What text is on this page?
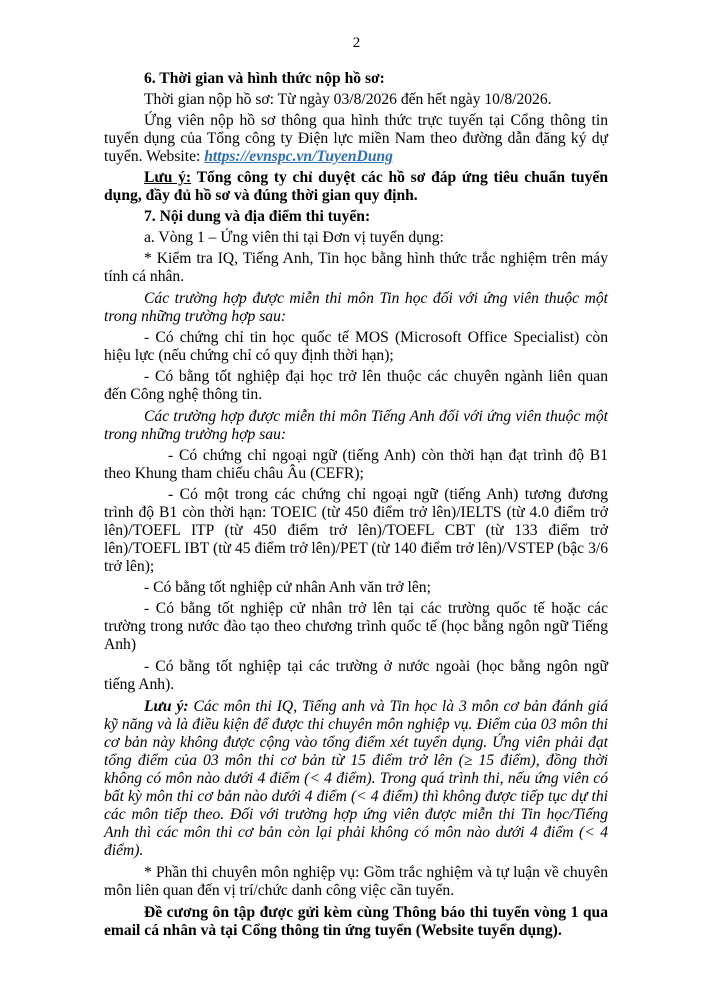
2

6. Thời gian và hình thức nộp hồ sơ:

Thời gian nộp hồ sơ: Từ ngày 03/8/2026 đến hết ngày 10/8/2026.

Ứng viên nộp hồ sơ thông qua hình thức trực tuyến tại Cổng thông tin tuyển dụng của Tổng công ty Điện lực miền Nam theo đường dẫn đăng ký dự tuyển. Website: https://evnspc.vn/TuyenDung

Lưu ý: Tổng công ty chỉ duyệt các hồ sơ đáp ứng tiêu chuẩn tuyển dụng, đầy đủ hồ sơ và đúng thời gian quy định.

7. Nội dung và địa điểm thi tuyển:

a. Vòng 1 – Ứng viên thi tại Đơn vị tuyển dụng:

* Kiểm tra IQ, Tiếng Anh, Tin học bằng hình thức trắc nghiệm trên máy tính cá nhân.

Các trường hợp được miễn thi môn Tin học đối với ứng viên thuộc một trong những trường hợp sau:

- Có chứng chỉ tin học quốc tế MOS (Microsoft Office Specialist) còn hiệu lực (nếu chứng chỉ có quy định thời hạn);

- Có bằng tốt nghiệp đại học trở lên thuộc các chuyên ngành liên quan đến Công nghệ thông tin.

Các trường hợp được miễn thi môn Tiếng Anh đối với ứng viên thuộc một trong những trường hợp sau:

- Có chứng chỉ ngoại ngữ (tiếng Anh) còn thời hạn đạt trình độ B1 theo Khung tham chiếu châu Âu (CEFR);

- Có một trong các chứng chỉ ngoại ngữ (tiếng Anh) tương đương trình độ B1 còn thời hạn: TOEIC (từ 450 điểm trở lên)/IELTS (từ 4.0 điểm trở lên)/TOEFL ITP (từ 450 điểm trở lên)/TOEFL CBT (từ 133 điểm trở lên)/TOEFL IBT (từ 45 điểm trở lên)/PET (từ 140 điểm trở lên)/VSTEP (bậc 3/6 trở lên);

- Có bằng tốt nghiệp cử nhân Anh văn trở lên;

- Có bằng tốt nghiệp cử nhân trở lên tại các trường quốc tế hoặc các trường trong nước đào tạo theo chương trình quốc tế (học bằng ngôn ngữ Tiếng Anh)

- Có bằng tốt nghiệp tại các trường ở nước ngoài (học bằng ngôn ngữ tiếng Anh).

Lưu ý: Các môn thi IQ, Tiếng anh và Tin học là 3 môn cơ bản đánh giá kỹ năng và là điều kiện để được thi chuyên môn nghiệp vụ. Điểm của 03 môn thi cơ bản này không được cộng vào tổng điểm xét tuyển dụng. Ứng viên phải đạt tổng điểm của 03 môn thi cơ bản từ 15 điểm trở lên (≥ 15 điểm), đồng thời không có môn nào dưới 4 điểm (< 4 điểm). Trong quá trình thi, nếu ứng viên có bất kỳ môn thi cơ bản nào dưới 4 điểm (< 4 điểm) thì không được tiếp tục dự thi các môn tiếp theo. Đối với trường hợp ứng viên được miễn thi Tin học/Tiếng Anh thì các môn thi cơ bản còn lại phải không có môn nào dưới 4 điểm (< 4 điểm).

* Phần thi chuyên môn nghiệp vụ: Gồm trắc nghiệm và tự luận về chuyên môn liên quan đến vị trí/chức danh công việc cần tuyển.

Đề cương ôn tập được gửi kèm cùng Thông báo thi tuyển vòng 1 qua email cá nhân và tại Cổng thông tin ứng tuyển (Website tuyển dụng).
